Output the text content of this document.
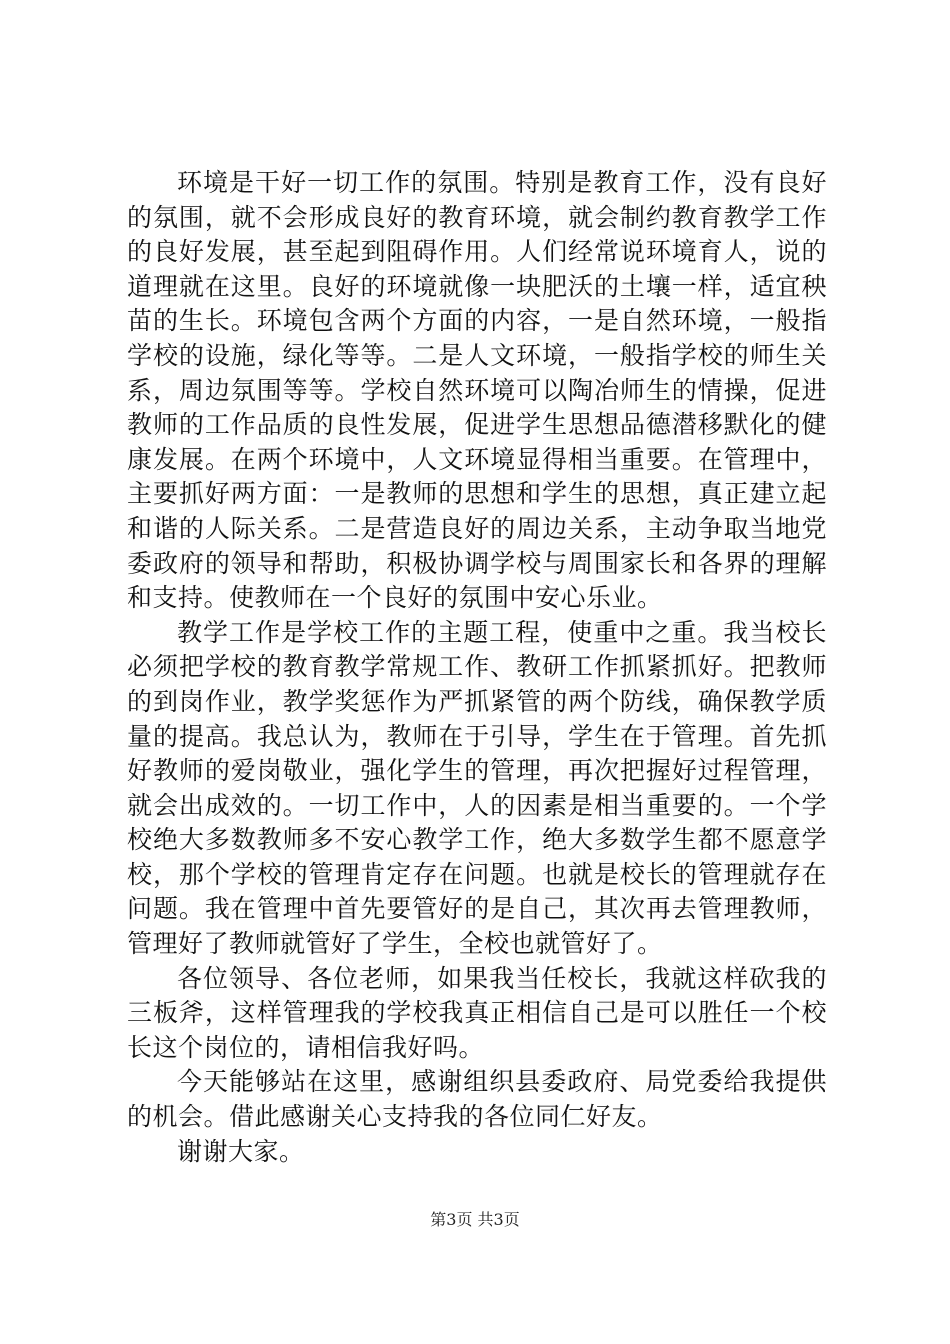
环境是干好一切工作的氛围。特别是教育工作，没有良好的氛围，就不会形成良好的教育环境，就会制约教育教学工作的良好发展，甚至起到阻碍作用。人们经常说环境育人，说的道理就在这里。良好的环境就像一块肥沃的土壤一样，适宜秧苗的生长。环境包含两个方面的内容，一是自然环境，一般指学校的设施，绿化等等。二是人文环境，一般指学校的师生关系，周边氛围等等。学校自然环境可以陶冶师生的情操，促进教师的工作品质的良性发展，促进学生思想品德潜移默化的健康发展。在两个环境中，人文环境显得相当重要。在管理中，主要抓好两方面：一是教师的思想和学生的思想，真正建立起和谐的人际关系。二是营造良好的周边关系，主动争取当地党委政府的领导和帮助，积极协调学校与周围家长和各界的理解和支持。使教师在一个良好的氛围中安心乐业。

教学工作是学校工作的主题工程，使重中之重。我当校长必须把学校的教育教学常规工作、教研工作抓紧抓好。把教师的到岗作业，教学奖惩作为严抓紧管的两个防线，确保教学质量的提高。我总认为，教师在于引导，学生在于管理。首先抓好教师的爱岗敬业，强化学生的管理，再次把握好过程管理，就会出成效的。一切工作中，人的因素是相当重要的。一个学校绝大多数教师多不安心教学工作，绝大多数学生都不愿意学校，那个学校的管理肯定存在问题。也就是校长的管理就存在问题。我在管理中首先要管好的是自己，其次再去管理教师，管理好了教师就管好了学生，全校也就管好了。

各位领导、各位老师，如果我当任校长，我就这样砍我的三板斧，这样管理我的学校我真正相信自己是可以胜任一个校长这个岗位的，请相信我好吗。

今天能够站在这里，感谢组织县委政府、局党委给我提供的机会。借此感谢关心支持我的各位同仁好友。

谢谢大家。

第3页 共3页
